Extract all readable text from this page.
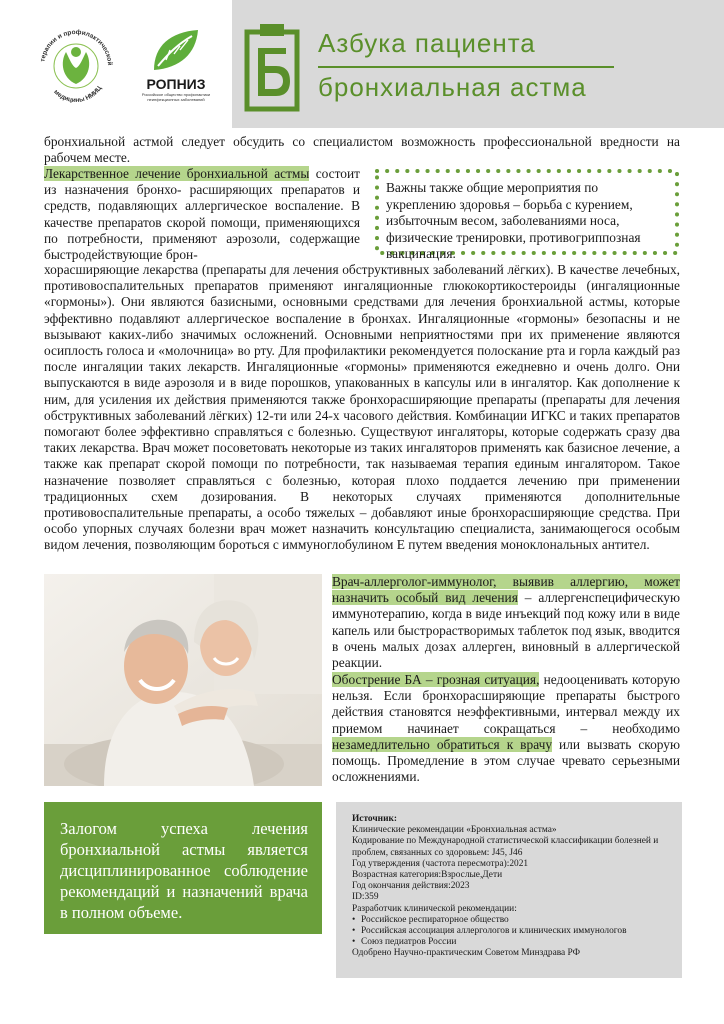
терапии и профилактической
медицины НМИЦ	РОПНИЗ
Российское общество профилактики неинфекционных заболеваний
Азбука пациента
бронхиальная астма
бронхиальной астмой следует обсудить со специалистом возможность профессиональной вредности на рабочем месте.
Лекарственное лечение бронхиальной астмы состоит из назначения бронхо- расширяющих препаратов и средств, подавляющих аллергическое воспаление. В качестве препаратов скорой помощи, применяющихся по потребности, применяют аэрозоли, содержащие быстродействующие брон-
Важны также общие мероприятия по укреплению здоровья – борьба с курением, избыточным весом, заболеваниями носа, физические тренировки, противогриппозная вакцинация.
хорасширяющие лекарства (препараты для лечения обструктивных заболеваний лёгких). В качестве лечебных, противовоспалительных препаратов применяют ингаляционные глюкокортикостероиды (ингаляционные «гормоны»). Они являются базисными, основными средствами для лечения бронхиальной астмы, которые эффективно подавляют аллергическое воспаление в бронхах. Ингаляционные «гормоны» безопасны и не вызывают каких-либо значимых осложнений. Основными неприятностями при их применение являются осиплость голоса и «молочница» во рту. Для профилактики рекомендуется полоскание рта и горла каждый раз после ингаляции таких лекарств. Ингаляционные «гормоны» применяются ежедневно и очень долго. Они выпускаются в виде аэрозоля и в виде порошков, упакованных в капсулы или в ингалятор. Как дополнение к ним, для усиления их действия применяются также бронхорасширяющие препараты (препараты для лечения обструктивных заболеваний лёгких) 12-ти или 24-х часового действия. Комбинации ИГКС и таких препаратов помогают более эффективно справляться с болезнью. Существуют ингаляторы, которые содержать сразу два таких лекарства. Врач может посоветовать некоторые из таких ингаляторов применять как базисное лечение, а также как препарат скорой помощи по потребности, так называемая терапия единым ингалятором. Такое назначение позволяет справляться с болезнью, которая плохо поддается лечению при применении традиционных схем дозирования. В некоторых случаях применяются дополнительные противовоспалительные препараты, а особо тяжелых – добавляют иные бронхорасширяющие средства. При особо упорных случаях болезни врач может назначить консультацию специалиста, занимающегося особым видом лечения, позволяющим бороться с иммуноглобулином Е путем введения моноклональных антител.
Врач-аллерголог-иммунолог, выявив аллергию, может назначить особый вид лечения – аллергенспецифическую иммунотерапию, когда в виде инъекций под кожу или в виде капель или быстрорастворимых таблеток под язык, вводится в очень малых дозах аллерген, виновный в аллергической реакции.
Обострение БА – грозная ситуация, недооценивать которую нельзя. Если бронхорасширяющие препараты быстрого действия становятся неэффективными, интервал между их приемом начинает сокращаться – необходимо незамедлительно обратиться к врачу или вызвать скорую помощь. Промедление в этом случае чревато серьезными осложнениями.
Залогом успеха лечения бронхиальной астмы является дисциплинированное соблюдение рекомендаций и назначений врача в полном объеме.
Источник:
Клинические рекомендации «Бронхиальная астма»
Кодирование по Международной статистической классификации болезней и проблем, связанных со здоровьем: J45, J46
Год утверждения (частота пересмотра):2021
Возрастная категория:Взрослые,Дети
Год окончания действия:2023
ID:359
Разработчик клинической рекомендации:
• Российское респираторное общество
• Российская ассоциация аллергологов и клинических иммунологов
• Союз педиатров России
Одобрено Научно-практическим Советом Минздрава РФ
